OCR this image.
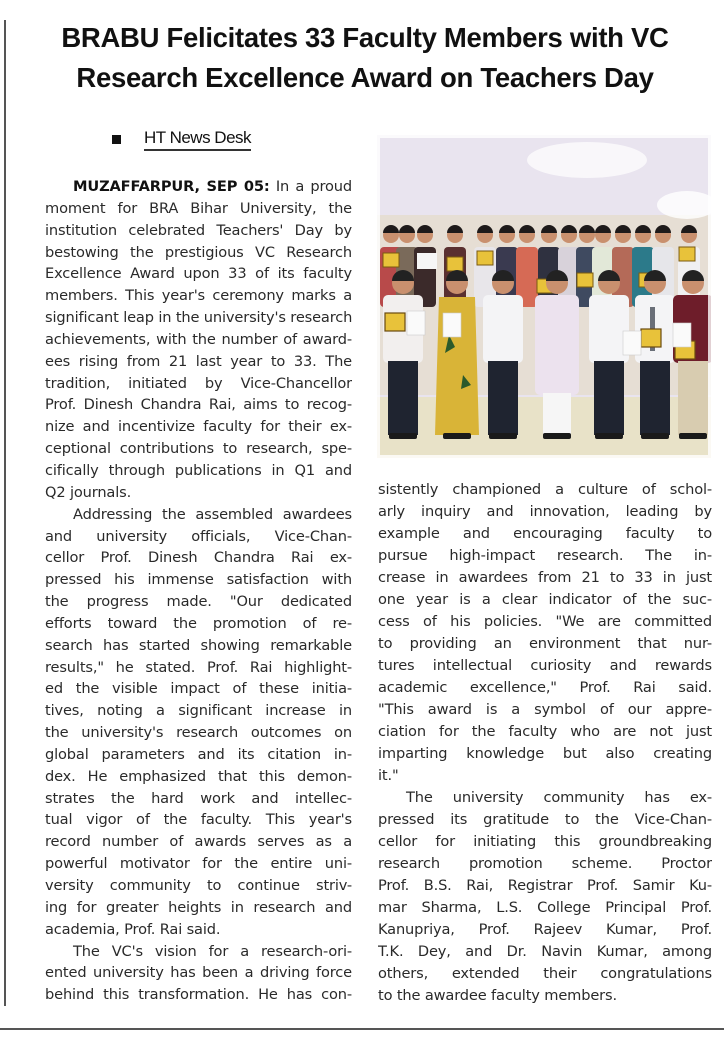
BRABU Felicitates 33 Faculty Members with VC
Research Excellence Award on Teachers Day
HT News Desk
MUZAFFARPUR, SEP 05: In a proud
moment for BRA Bihar University, the
institution celebrated Teachers' Day by
bestowing the prestigious VC Research
Excellence Award upon 33 of its faculty
members. This year's ceremony marks a
significant leap in the university's research
achievements, with the number of award-
ees rising from 21 last year to 33. The
tradition, initiated by Vice-Chancellor
Prof. Dinesh Chandra Rai, aims to recog-
nize and incentivize faculty for their ex-
ceptional contributions to research, spe-
cifically through publications in Q1 and
Q2 journals.
Addressing the assembled awardees
and university officials, Vice-Chan-
cellor Prof. Dinesh Chandra Rai ex-
pressed his immense satisfaction with
the progress made. "Our dedicated
efforts toward the promotion of re-
search has started showing remarkable
results," he stated. Prof. Rai highlight-
ed the visible impact of these initia-
tives, noting a significant increase in
the university's research outcomes on
global parameters and its citation in-
dex. He emphasized that this demon-
strates the hard work and intellec-
tual vigor of the faculty. This year's
record number of awards serves as a
powerful motivator for the entire uni-
versity community to continue striv-
ing for greater heights in research and
academia, Prof. Rai said.
The VC's vision for a research-ori-
ented university has been a driving force
behind this transformation. He has con-
sistently championed a culture of schol-
arly inquiry and innovation, leading by
example and encouraging faculty to
pursue high-impact research. The in-
crease in awardees from 21 to 33 in just
one year is a clear indicator of the suc-
cess of his policies. "We are committed
to providing an environment that nur-
tures intellectual curiosity and rewards
academic excellence," Prof. Rai said.
"This award is a symbol of our appre-
ciation for the faculty who are not just
imparting knowledge but also creating
it."
The university community has ex-
pressed its gratitude to the Vice-Chan-
cellor for initiating this groundbreaking
research promotion scheme. Proctor
Prof. B.S. Rai, Registrar Prof. Samir Ku-
mar Sharma, L.S. College Principal Prof.
Kanupriya, Prof. Rajeev Kumar, Prof.
T.K. Dey, and Dr. Navin Kumar, among
others, extended their congratulations
to the awardee faculty members.
